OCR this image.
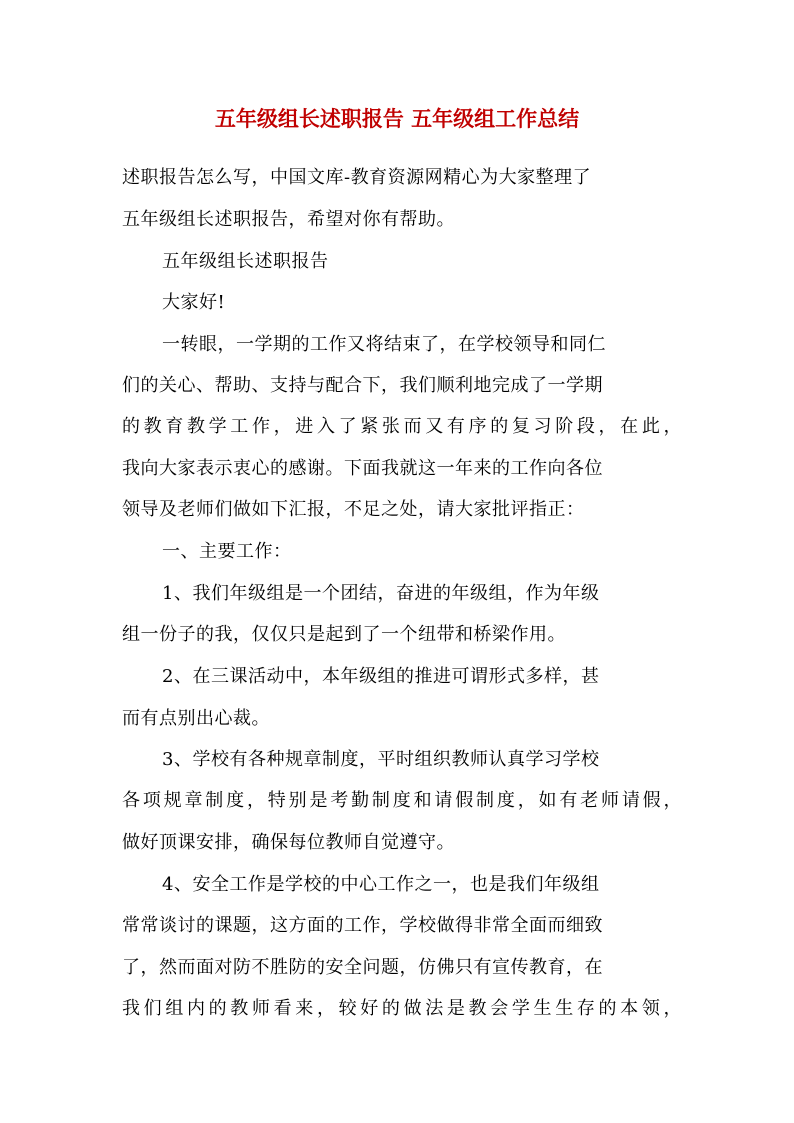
五年级组长述职报告 五年级组工作总结
述职报告怎么写，中国文库-教育资源网精心为大家整理了
五年级组长述职报告，希望对你有帮助。
五年级组长述职报告
大家好!
一转眼，一学期的工作又将结束了，在学校领导和同仁
们的关心、帮助、支持与配合下，我们顺利地完成了一学期
的教育教学工作，进入了紧张而又有序的复习阶段，在此，
我向大家表示衷心的感谢。下面我就这一年来的工作向各位
领导及老师们做如下汇报，不足之处，请大家批评指正：
一、主要工作：
1、我们年级组是一个团结，奋进的年级组，作为年级
组一份子的我，仅仅只是起到了一个纽带和桥梁作用。
2、在三课活动中，本年级组的推进可谓形式多样，甚
而有点别出心裁。
3、学校有各种规章制度，平时组织教师认真学习学校
各项规章制度，特别是考勤制度和请假制度，如有老师请假，
做好顶课安排，确保每位教师自觉遵守。
4、安全工作是学校的中心工作之一，也是我们年级组
常常谈讨的课题，这方面的工作，学校做得非常全面而细致
了，然而面对防不胜防的安全问题，仿佛只有宣传教育，在
我们组内的教师看来，较好的做法是教会学生生存的本领，
